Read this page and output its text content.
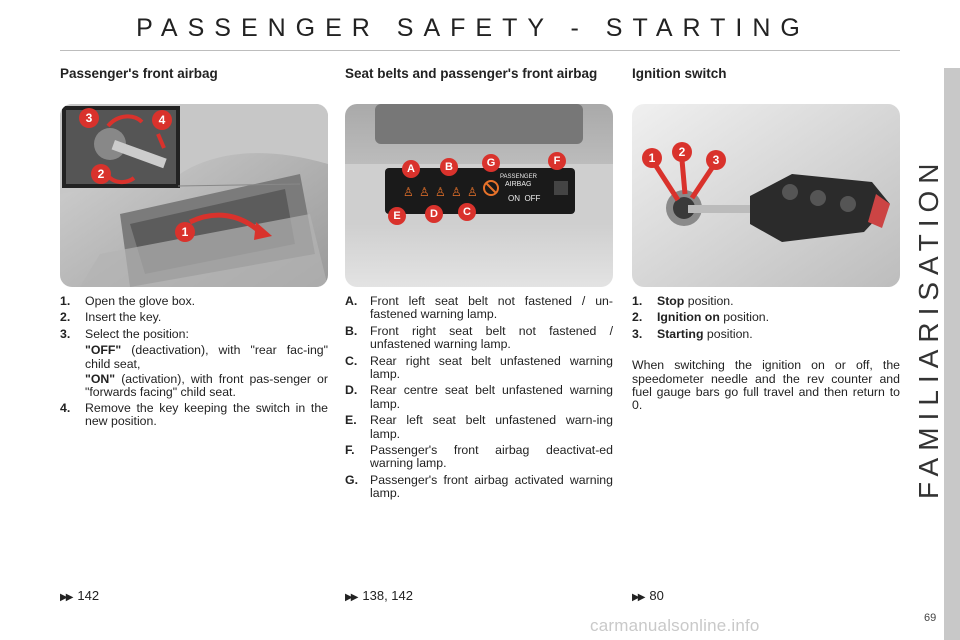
PASSENGER SAFETY - STARTING
FAMILIARISATION
Passenger's front airbag	Seat belts and passenger's front airbag	Ignition switch
3	4
2
1
♙ ♙ ♙ ♙ ♙
PASSENGER
AIRBAG
ON  OFF
A	B	G	F
E	D	C
1	2
3
1. Open the glove box.
2. Insert the key.
3. Select the position:
"OFF" (deactivation), with "rear fac-ing" child seat,
"ON" (activation), with front pas-senger or "forwards facing" child seat.
4. Remove the key keeping the switch in the new position.
A. Front left seat belt not fastened / un-fastened warning lamp.
B. Front right seat belt not fastened / unfastened warning lamp.
C. Rear right seat belt unfastened warning lamp.
D. Rear centre seat belt unfastened warning lamp.
E. Rear left seat belt unfastened warn-ing lamp.
F. Passenger's front airbag deactivat-ed warning lamp.
G. Passenger's front airbag activated warning lamp.
1. Stop position.
2. Ignition on position.
3. Starting position.
When switching the ignition on or off, the speedometer needle and the rev counter and fuel gauge bars go full travel and then return to 0.
▶▶ 142	▶▶ 138, 142	▶▶ 80
69
carmanualsonline.info
